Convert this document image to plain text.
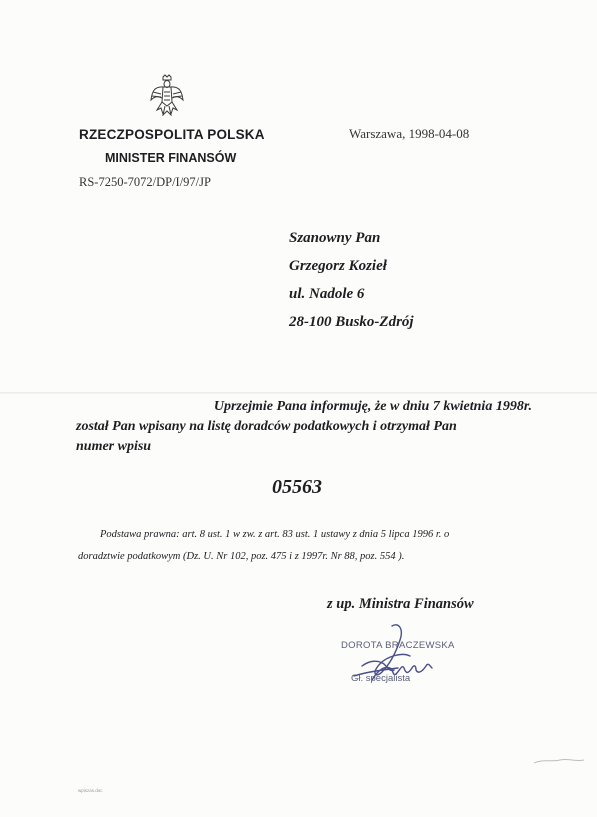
RZECZPOSPOLITA POLSKA
MINISTER FINANSÓW
RS-7250-7072/DP/I/97/JP
Warszawa, 1998-04-08
Szanowny Pan
Grzegorz Kozieł
ul. Nadole 6
28-100 Busko-Zdrój
Uprzejmie Pana informuję, że w dniu 7 kwietnia 1998r.
został Pan wpisany na listę doradców podatkowych i otrzymał Pan
numer wpisu
05563
Podstawa prawna: art. 8 ust. 1 w zw. z art. 83 ust. 1 ustawy z dnia 5 lipca 1996 r. o
doradztwie podatkowym (Dz. U. Nr 102, poz. 475 i z 1997r. Nr 88, poz. 554 ).
z up. Ministra Finansów
DOROTA BRACZEWSKA
Gł. specjalista
wpiszas.doc
